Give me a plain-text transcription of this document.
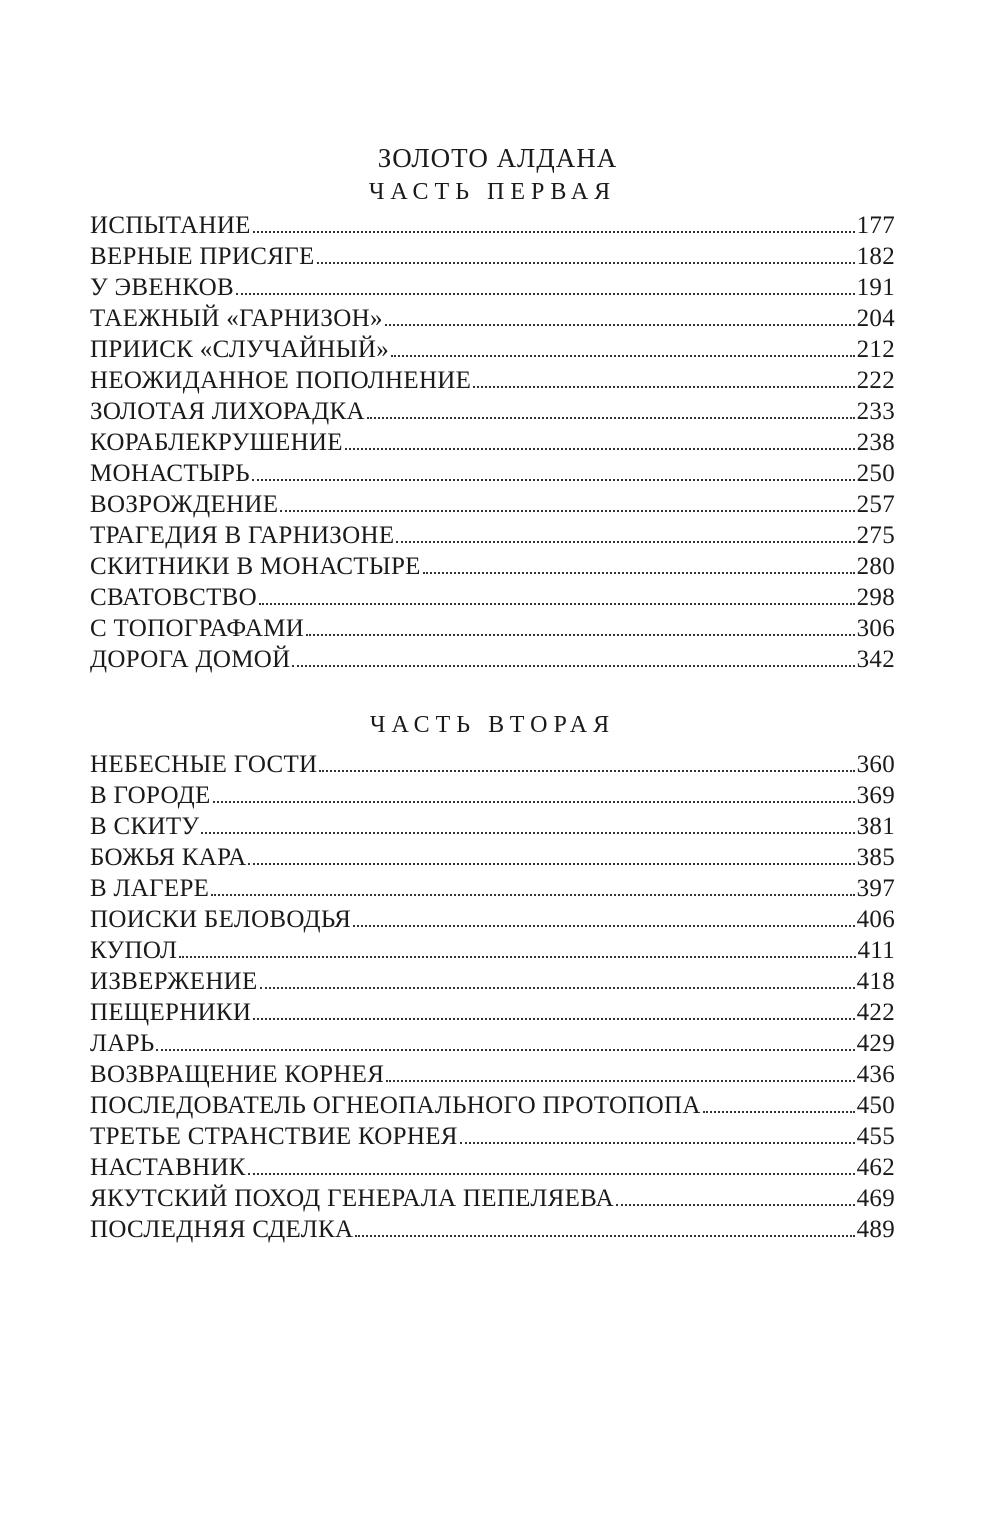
ЗОЛОТО АЛДАНА
ЧАСТЬ ПЕРВАЯ
ИСПЫТАНИЕ	177
ВЕРНЫЕ ПРИСЯГЕ	182
У ЭВЕНКОВ	191
ТАЕЖНЫЙ «ГАРНИЗОН»	204
ПРИИСК «СЛУЧАЙНЫЙ»	212
НЕОЖИДАННОЕ ПОПОЛНЕНИЕ	222
ЗОЛОТАЯ ЛИХОРАДКА	233
КОРАБЛЕКРУШЕНИЕ	238
МОНАСТЫРЬ	250
ВОЗРОЖДЕНИЕ	257
ТРАГЕДИЯ В ГАРНИЗОНЕ	275
СКИТНИКИ В МОНАСТЫРЕ	280
СВАТОВСТВО	298
С ТОПОГРАФАМИ	306
ДОРОГА ДОМОЙ	342
ЧАСТЬ ВТОРАЯ
НЕБЕСНЫЕ ГОСТИ	360
В ГОРОДЕ	369
В СКИТУ	381
БОЖЬЯ КАРА	385
В ЛАГЕРЕ	397
ПОИСКИ БЕЛОВОДЬЯ	406
КУПОЛ	411
ИЗВЕРЖЕНИЕ	418
ПЕЩЕРНИКИ	422
ЛАРЬ	429
ВОЗВРАЩЕНИЕ КОРНЕЯ	436
ПОСЛЕДОВАТЕЛЬ ОГНЕОПАЛЬНОГО ПРОТОПОПА	450
ТРЕТЬЕ СТРАНСТВИЕ КОРНЕЯ	455
НАСТАВНИК	462
ЯКУТСКИЙ ПОХОД ГЕНЕРАЛА ПЕПЕЛЯЕВА	469
ПОСЛЕДНЯЯ СДЕЛКА	489
